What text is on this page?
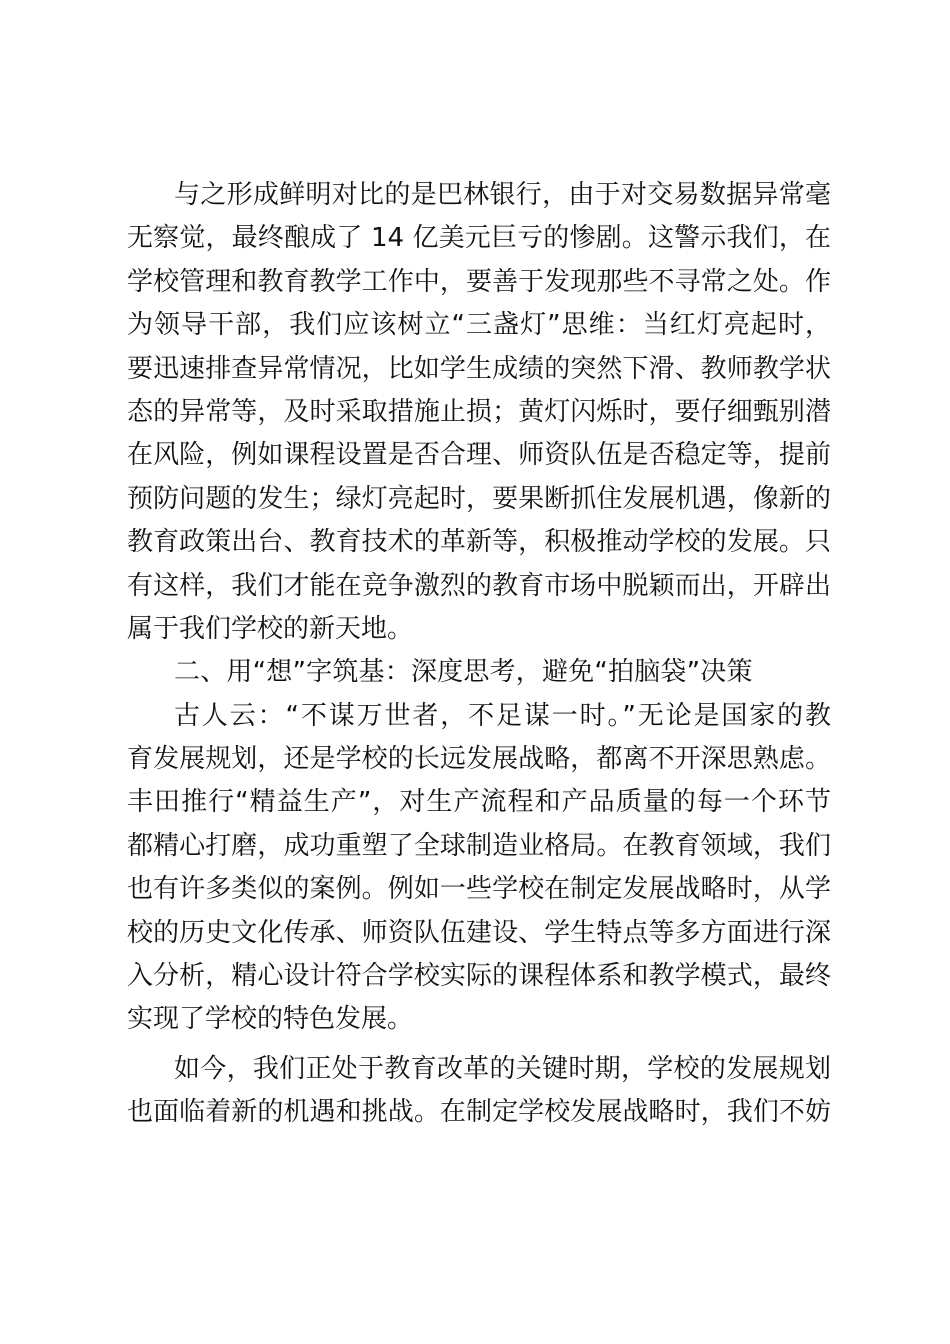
与之形成鲜明对比的是巴林银行，由于对交易数据异常毫
无察觉，最终酿成了 14 亿美元巨亏的惨剧。这警示我们，在
学校管理和教育教学工作中，要善于发现那些不寻常之处。作
为领导干部，我们应该树立“三盏灯”思维：当红灯亮起时，
要迅速排查异常情况，比如学生成绩的突然下滑、教师教学状
态的异常等，及时采取措施止损；黄灯闪烁时，要仔细甄别潜
在风险，例如课程设置是否合理、师资队伍是否稳定等，提前
预防问题的发生；绿灯亮起时，要果断抓住发展机遇，像新的
教育政策出台、教育技术的革新等，积极推动学校的发展。只
有这样，我们才能在竞争激烈的教育市场中脱颖而出，开辟出
属于我们学校的新天地。
二、用“想”字筑基：深度思考，避免“拍脑袋”决策
古人云：“不谋万世者，不足谋一时。”无论是国家的教
育发展规划，还是学校的长远发展战略，都离不开深思熟虑。
丰田推行“精益生产”，对生产流程和产品质量的每一个环节
都精心打磨，成功重塑了全球制造业格局。在教育领域，我们
也有许多类似的案例。例如一些学校在制定发展战略时，从学
校的历史文化传承、师资队伍建设、学生特点等多方面进行深
入分析，精心设计符合学校实际的课程体系和教学模式，最终
实现了学校的特色发展。
如今，我们正处于教育改革的关键时期，学校的发展规划
也面临着新的机遇和挑战。在制定学校发展战略时，我们不妨
